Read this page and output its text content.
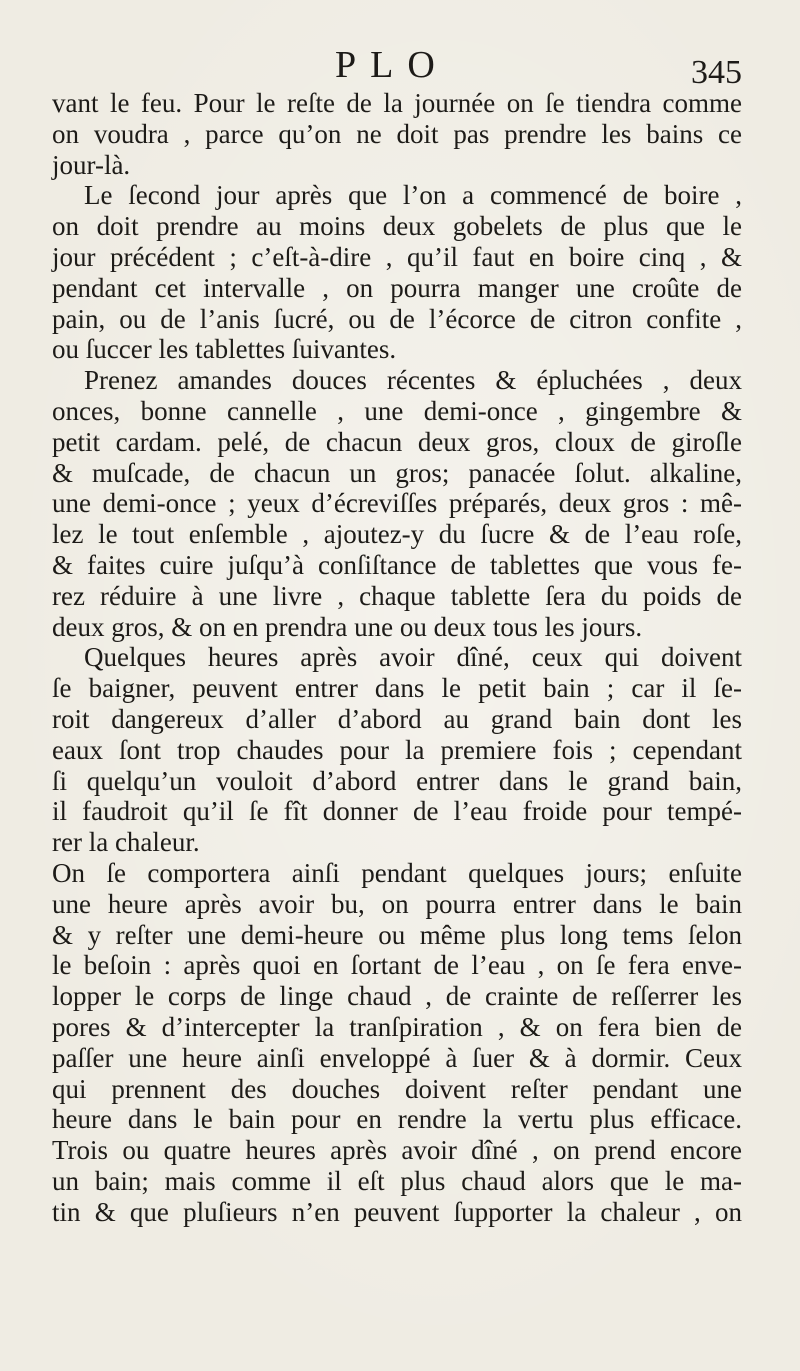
PLO	345
vant le feu. Pour le reſte de la journée on ſe tiendra comme
on voudra , parce qu’on ne doit pas prendre les bains ce
jour-là.
Le ſecond jour après que l’on a commencé de boire ,
on doit prendre au moins deux gobelets de plus que le
jour précédent ; c’eſt-à-dire , qu’il faut en boire cinq , &
pendant cet intervalle , on pourra manger une croûte de
pain, ou de l’anis ſucré, ou de l’écorce de citron confite ,
ou ſuccer les tablettes ſuivantes.
Prenez amandes douces récentes & épluchées , deux
onces, bonne cannelle , une demi-once , gingembre &
petit cardam. pelé, de chacun deux gros, cloux de giroſle
& muſcade, de chacun un gros; panacée ſolut. alkaline,
une demi-once ; yeux d’écreviſſes préparés, deux gros : mê-
lez le tout enſemble , ajoutez-y du ſucre & de l’eau roſe,
& faites cuire juſqu’à conſiſtance de tablettes que vous fe-
rez réduire à une livre , chaque tablette ſera du poids de
deux gros, & on en prendra une ou deux tous les jours.
Quelques heures après avoir dîné, ceux qui doivent
ſe baigner, peuvent entrer dans le petit bain ; car il ſe-
roit dangereux d’aller d’abord au grand bain dont les
eaux ſont trop chaudes pour la premiere fois ; cependant
ſi quelqu’un vouloit d’abord entrer dans le grand bain,
il faudroit qu’il ſe fît donner de l’eau froide pour tempé-
rer la chaleur.
On ſe comportera ainſi pendant quelques jours; enſuite
une heure après avoir bu, on pourra entrer dans le bain
& y reſter une demi-heure ou même plus long tems ſelon
le beſoin : après quoi en ſortant de l’eau , on ſe fera enve-
lopper le corps de linge chaud , de crainte de reſſerrer les
pores & d’intercepter la tranſpiration , & on fera bien de
paſſer une heure ainſi enveloppé à ſuer & à dormir. Ceux
qui prennent des douches doivent reſter pendant une
heure dans le bain pour en rendre la vertu plus efficace.
Trois ou quatre heures après avoir dîné , on prend encore
un bain; mais comme il eſt plus chaud alors que le ma-
tin & que pluſieurs n’en peuvent ſupporter la chaleur , on
